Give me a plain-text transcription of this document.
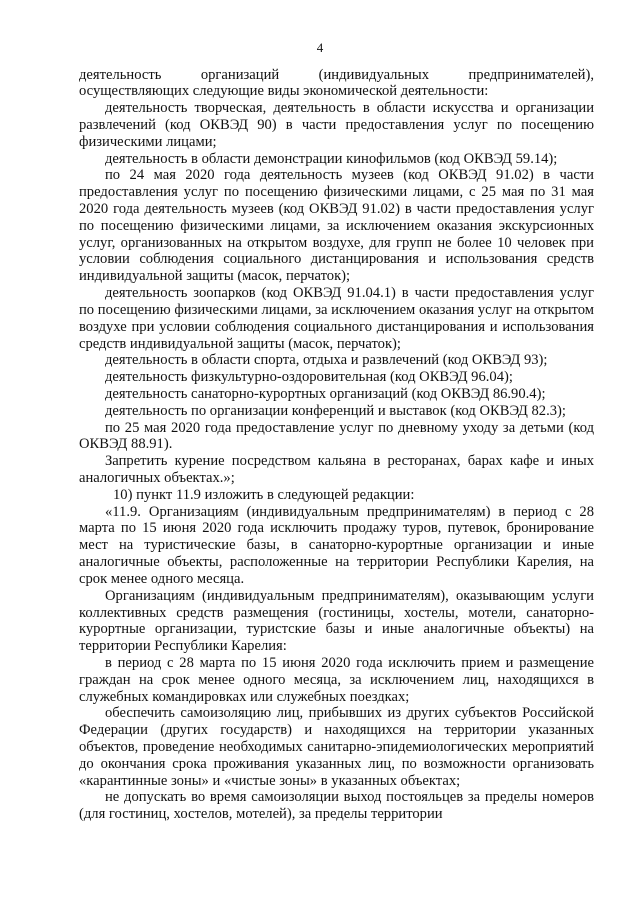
4

деятельность организаций (индивидуальных предпринимателей), осуществляющих следующие виды экономической деятельности:

деятельность творческая, деятельность в области искусства и организации развлечений (код ОКВЭД 90) в части предоставления услуг по посещению физическими лицами;

деятельность в области демонстрации кинофильмов (код ОКВЭД 59.14);

по 24 мая 2020 года деятельность музеев (код ОКВЭД 91.02) в части предоставления услуг по посещению физическими лицами, с 25 мая по 31 мая 2020 года деятельность музеев (код ОКВЭД 91.02) в части предоставления услуг по посещению физическими лицами, за исключением оказания экскурсионных услуг, организованных на открытом воздухе, для групп не более 10 человек при условии соблюдения социального дистанцирования и использования средств индивидуальной защиты (масок, перчаток);

деятельность зоопарков (код ОКВЭД 91.04.1) в части предоставления услуг по посещению физическими лицами, за исключением оказания услуг на открытом воздухе при условии соблюдения социального дистанцирования и использования средств индивидуальной защиты (масок, перчаток);

деятельность в области спорта, отдыха и развлечений (код ОКВЭД 93);

деятельность физкультурно-оздоровительная (код ОКВЭД 96.04);

деятельность санаторно-курортных организаций (код ОКВЭД 86.90.4);

деятельность по организации конференций и выставок (код ОКВЭД 82.3);

по 25 мая 2020 года предоставление услуг по дневному уходу за детьми (код ОКВЭД 88.91).

Запретить курение посредством кальяна в ресторанах, барах кафе и иных аналогичных объектах.»;

10) пункт 11.9 изложить в следующей редакции:

«11.9. Организациям (индивидуальным предпринимателям) в период с 28 марта по 15 июня 2020 года исключить продажу туров, путевок, бронирование мест на туристические базы, в санаторно-курортные организации и иные аналогичные объекты, расположенные на территории Республики Карелия, на срок менее одного месяца.

Организациям (индивидуальным предпринимателям), оказывающим услуги коллективных средств размещения (гостиницы, хостелы, мотели, санаторно-курортные организации, туристские базы и иные аналогичные объекты) на территории Республики Карелия:

в период с 28 марта по 15 июня 2020 года исключить прием и размещение граждан на срок менее одного месяца, за исключением лиц, находящихся в служебных командировках или служебных поездках;

обеспечить самоизоляцию лиц, прибывших из других субъектов Российской Федерации (других государств) и находящихся на территории указанных объектов, проведение необходимых санитарно-эпидемиологических мероприятий до окончания срока проживания указанных лиц, по возможности организовать «карантинные зоны» и «чистые зоны» в указанных объектах;

не допускать во время самоизоляции выход постояльцев за пределы номеров (для гостиниц, хостелов, мотелей), за пределы территории
